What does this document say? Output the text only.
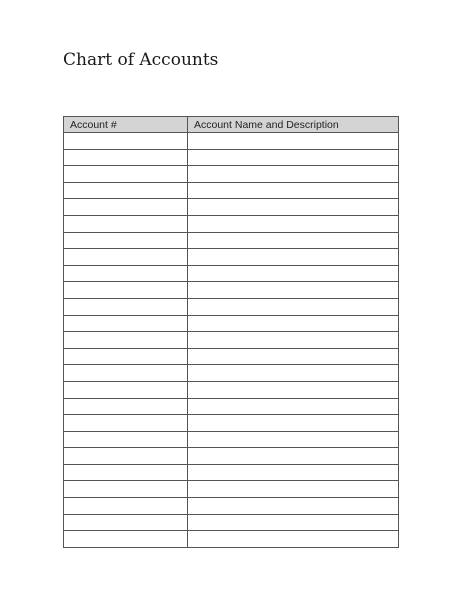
Chart of Accounts
Account #	Account Name and Description
